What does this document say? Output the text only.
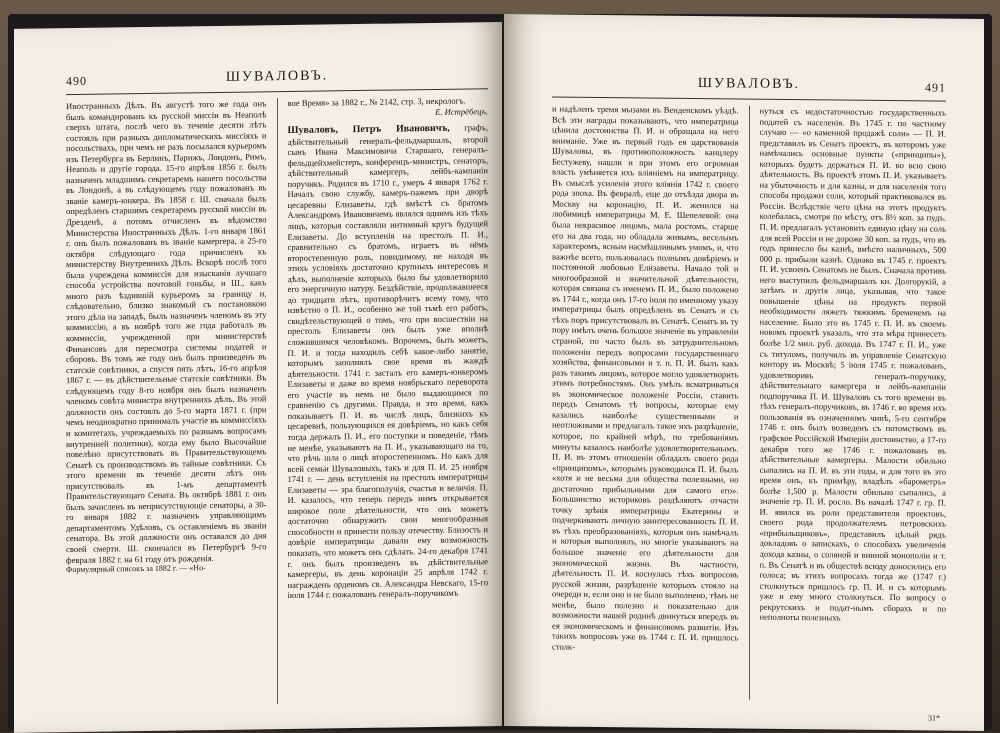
490	ШУВАЛОВЪ.

Иностранныхъ Дѣлъ. Въ августѣ того же года онъ былъ командированъ къ русской миссіи въ Неаполѣ сверхъ штата, послѣ чего въ теченіе десяти лѣтъ состоялъ при разныхъ дипломатическихъ миссіяхъ и посольствахъ, при чемъ не разъ посылался курьеромъ изъ Петербурга въ Берлинъ, Парижъ, Лондонъ, Римъ, Неаполь и другіе города. 15-го апрѣля 1856 г. былъ назначенъ младшимъ секретаремъ нашего посольства въ Лондонѣ, а въ слѣдующемъ году пожалованъ въ званіе камеръ-юнкера. Въ 1858 г. Ш. сначала былъ опредѣленъ старшимъ секретаремъ русской миссіи въ Дрезденѣ, а потомъ отчисленъ въ вѣдомство Министерства Иностранныхъ Дѣлъ. 1-го января 1861 г. онъ былъ пожалованъ въ званіе камергера, а 25-го октября слѣдующаго года причисленъ къ министерству Внутреннихъ Дѣлъ. Вскорѣ послѣ того была учреждена коммиссія для изысканія лучшаго способа устройства почтовой гоньбы, и Ш., какъ много разъ ѣздившій курьеромъ за границу и, слѣдовательно, близко знакомый съ постановкою этого дѣла на западѣ, былъ назначенъ членомъ въ эту коммиссію, а въ ноябрѣ того же года работалъ въ коммиссіи, учрежденной при министерствѣ Финансовъ для пересмотра системы податей и сборовъ. Въ томъ же году онъ былъ произведенъ въ статскіе совѣтники, а спустя пять лѣтъ, 16-го апрѣля 1867 г. — въ дѣйствительные статскіе совѣтники. Въ слѣдующемъ году 8-го ноября онъ былъ назначенъ членомъ совѣта министра внутреннихъ дѣлъ. Въ этой должности онъ состоялъ до 5-го марта 1871 г. (при чемъ неоднократно принималъ участіе въ коммиссіяхъ и комитетахъ, учреждаемыхъ по разнымъ вопросамъ внутренней политики), когда ему было Высочайше повелѣно присутствовать въ Правительствующемъ Сенатѣ съ производствомъ въ тайные совѣтники. Съ этого времени въ теченіе десяти лѣтъ онъ присутствовалъ въ 1-мъ департаментѣ Правительствующаго Сената. Въ октябрѣ 1881 г. онъ былъ зачисленъ въ неприсутствующіе сенаторы, а 30-го января 1882 г. назначенъ управляющимъ департаментомъ Удѣловъ, съ оставленіемъ въ званіи сенатора. Въ этой должности онъ оставался до дня своей смерти. Ш. скончался въ Петербургѣ 9-го февраля 1882 г. на 61 году отъ рожденія.

Формулярный списокъ за 1882 г. — «Но-

вое Время» за 1882 г., № 2142, стр. 3, некрологъ.

Е. Истрёбецъ.

Шуваловъ, Петръ Ивановичъ, графъ, дѣйствительный генералъ-фельдмаршалъ, второй сынъ Ивана Максимовича Старшаго, генералъ-фельдцейхмейстеръ, конференцъ-министръ, сенаторъ, дѣйствительный камергеръ, лейбъ-кампаніи поручикъ. Родился въ 1710 г., умеръ 4 января 1762 г. Началъ свою службу, камеръ-пажемъ при дворѣ цесаревны Елизаветы, гдѣ вмѣстѣ съ братомъ Александромъ Ивановичемъ являлся однимъ изъ тѣхъ лицъ, которыя составляли интимный кругъ будущей Елизаветы. До вступленія на престолъ П. И., сравнительно съ братомъ, играетъ въ нёмъ второстепенную роль, повидимому, не находя въ этихъ условіяхъ достаточно крупныхъ интересовъ и дѣлъ, выполненіе которыхъ было бы удовлетворило его энергичную натуру. Бездѣйствіе, продолжавшееся до тридцати лѣтъ, противорѣчитъ всему тому, что извѣстно о П. И., особенно же той тьмѣ его работъ, свидѣтельствующей о томъ, что при восшествіи на престолъ Елизаветы онъ былъ уже вполнѣ сложившимся человѣкомъ. Впрочемъ, быть можетъ, П. И. и тогда находилъ себѣ какое-либо занятіе, которымъ заполнялъ свое время въ жаждѣ дѣятельности. 1741 г. засталъ его камеръ-юнкеромъ Елизаветы и даже во время ноябрьскаго переворота его участіе въ немъ не было выдающимся по сравненію съ другими. Правда, и это время, какъ показываетъ П. И. въ числѣ лицъ, близкихъ къ цесаревнѣ, пользующихся ея довѣріемъ, но какъ себя тогда держалъ П. И., его поступки и поведеніе, тѣмъ не менѣе, указываютъ на П. И., указывающаго на то, что рѣчь шла о лицѣ второстепенномъ. Но какъ для всей семьи Шуваловыхъ, такъ и для П. И. 25 ноября 1741 г. — день вступленія на престолъ императрицы Елизаветы — эра благополучія, счастья и величія. П. И. казалось, что теперь передъ нимъ открывается широкое поле дѣятельности, что онъ можетъ достаточно обнаружить свои многообразныя способности и принести пользу отечеству. Близость и довѣріе императрицы давали ему возможность показать, что можетъ онъ сдѣлать. 24-го декабря 1741 г. онъ былъ произведенъ въ дѣйствительные камергеры, въ день коронаціи 25 апрѣля 1742 г. награжденъ орденомъ св. Александра Невскаго, 15-го іюля 1744 г. пожалованъ генералъ-поручикомъ

ШУВАЛОВЪ.	491

и надѣленъ тремя мызами въ Венденскомъ уѣздѣ. Всѣ эти награды показываютъ, что императрица цѣнила достоинства П. И. и обращала на него вниманіе. Уже въ первый годъ ея царствованія Шуваловы, въ противоположность канцлеру Бестужеву, нашли и при этомъ его огромная власть умѣняется ихъ вліяніемъ на императрицу. Въ смыслѣ усиленія этого вліянія 1742 г. своего рода эпоха. Въ февралѣ, еще до отъѣзда двора въ Москву на коронацію, П. И. женился на любимицѣ императрицы М. Е. Шепелевой: она была некрасивое лицомъ, мала ростомъ, старше его на два года, но обладала живымъ, веселымъ характеромъ, ясным насмѣшливымъ умомъ, и, что важнѣе всего, пользовалась полнымъ довѣріемъ и постоянной любовью Елизаветы. Начало той и многообразной и значительной дѣятельности, которая связана съ именемъ П. И., было положено въ 1744 г., когда онъ 17-го іюля по именному указу императрицы былъ опредѣленъ въ Сенатъ и съ тѣхъ поръ присутствовалъ въ Сенатѣ. Сенатъ въ ту пору имѣлъ очень большое значеніе въ управленіи страной, по часто былъ въ затруднительномъ положеніи передъ вопросами государственнаго хозяйства, финансовыми и т. п. П. И. былъ какъ разъ такимъ лицомъ, которое могло удовлетворить этимъ потребностямъ. Онъ умѣлъ всматриваться въ экономическое положеніе Россіи, ставить передъ Сенатомъ тѣ вопросы, которые ему казались наиболѣе существенными и неотложными и предлагалъ такое ихъ разрѣшеніе, которое, по крайней мѣрѣ, по требованіямъ минуты казалось наиболѣе удовлетворительнымъ. П. И. въ этомъ отношеніи обладалъ своего рода «принципомъ», которымъ руководился П. И. былъ «хотя и не весьма для общества полезными, но достаточно прибыльными для самого его». Большинство историковъ раздѣляютъ отчасти точку зрѣнія императрицы Екатерины и подчеркиваютъ личную заинтересованность П. И. въ тѣхъ преобразованіяхъ, которыя онъ намѣчалъ и которыя выполнялъ, но многіе указываютъ на большое значеніе его дѣятельности для экономической жизни. Въ частности, дѣятельность П. И. коснулась тѣхъ вопросовъ русской жизни, разрѣшеніе которыхъ стояло на очереди и, если оно и не было выполнено, тѣмъ не менѣе, было полезно и показательно для возможности нашей родинѣ двинуться впередъ въ ея экономическомъ и финансовомъ развитіи. Изъ такихъ вопросовъ уже въ 1744 г. П. И. пришлось столк-

нуться съ недостаточностью государственныхъ податей съ населенія. Въ 1745 г. по частному случаю — «о каменной продажѣ соли» — П. И. представилъ въ Сенатъ проектъ, въ которомъ уже намѣчались основные пункты («принципы»), которыхъ будетъ держаться П. И. во всю свою дѣятельность. Въ проектѣ этомъ П. И. указываетъ на убыточность и для казны, и для населенія того способа продажи соли, который практиковался въ Россіи. Вслѣдствіе чего цѣна на этотъ продуктъ колебалась, смотря по мѣсту, отъ 8½ коп. за пудъ. П. И. предлагалъ установить единую цѣну на соль для всей Россіи и не дороже 30 коп. за пудъ, что въ годъ принесло бы казнѣ, вмѣсто наличныхъ, 500 000 р. прибыли казнѣ. Однако въ 1745 г. проектъ П. И. усвоенъ Сенатомъ не былъ. Сначала противъ него выступилъ фельдмаршалъ кн. Долгорукій, а затѣмъ и другія лица, указывая, что такое повышеніе цѣны на продуктъ первой необходимости ляжетъ тяжкимъ бременемъ на население. Было это въ 1745 г. П. И. въ своемъ новомъ проектѣ указалъ, что эта мѣра принесетъ болѣе 1/2 мил. руб. дохода. Въ 1747 г. П. И., уже съ титуломъ, получилъ въ управленіе Сенатскую контору въ Москвѣ; 5 іюля 1745 г. пожалованъ, удовлетворивъ генералъ-поручику, дѣйствительнаго камергера и лейбъ-кампаніи подпоручика П. И. Шуваловъ съ того времени въ тѣхъ генералъ-поручиковъ, въ 1746 г. во время ихъ пользованія въ означенномъ чинѣ, 5-го сентября 1746 г. онъ былъ возведенъ съ потомствомъ въ графское Россійской Имперіи достоинство, а 17-го декабря того же 1746 г. пожалованъ въ дѣйствительные камергеры. Малости обильно сыпались на П. И. въ эти годы, и для того въ это время онъ, къ примѣру, владѣлъ «барометръ» болѣе 1,500 р. Малости обильно сыпались, а значеніе гр. П. И. росло. Въ началѣ 1747 г. гр. П. И. явился въ роли представителя проектовъ, своего рода продолжателемъ петровскихъ «прибыльщиковъ», представилъ цѣлый рядъ докладовъ о запискахъ, о способахъ увеличенія дохода казны, о соляной и винной монополіи и т. п. Въ Сенатѣ и въ обществѣ всюду доносились его голоса; въ этихъ вопросахъ тогда же (1747 г.) столкнуться пришлось гр. П. И. и съ которымъ уже и ему много столкнуться. По вопросу о рекрутскихъ и подат-нымъ сборахъ и по неполноты полезныхъ

31*
